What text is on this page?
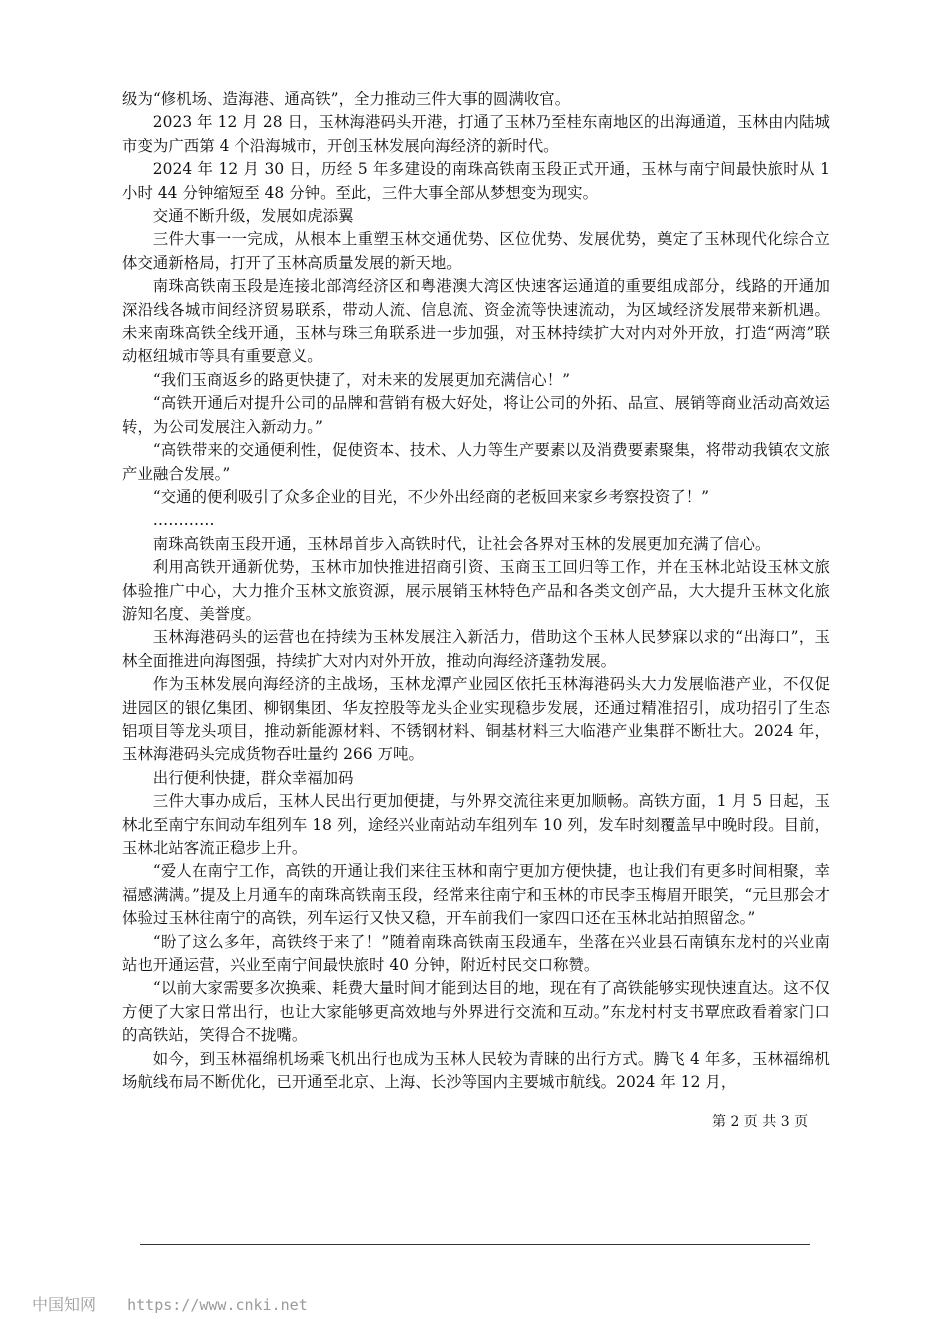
级为“修机场、造海港、通高铁”，全力推动三件大事的圆满收官。

2023 年 12 月 28 日，玉林海港码头开港，打通了玉林乃至桂东南地区的出海通道，玉林由内陆城市变为广西第 4 个沿海城市，开创玉林发展向海经济的新时代。

2024 年 12 月 30 日，历经 5 年多建设的南珠高铁南玉段正式开通，玉林与南宁间最快旅时从 1 小时 44 分钟缩短至 48 分钟。至此，三件大事全部从梦想变为现实。

交通不断升级，发展如虎添翼

三件大事一一完成，从根本上重塑玉林交通优势、区位优势、发展优势，奠定了玉林现代化综合立体交通新格局，打开了玉林高质量发展的新天地。

南珠高铁南玉段是连接北部湾经济区和粤港澳大湾区快速客运通道的重要组成部分，线路的开通加深沿线各城市间经济贸易联系，带动人流、信息流、资金流等快速流动，为区域经济发展带来新机遇。未来南珠高铁全线开通，玉林与珠三角联系进一步加强，对玉林持续扩大对内对外开放，打造“两湾”联动枢纽城市等具有重要意义。

“我们玉商返乡的路更快捷了，对未来的发展更加充满信心！”

“高铁开通后对提升公司的品牌和营销有极大好处，将让公司的外拓、品宣、展销等商业活动高效运转，为公司发展注入新动力。”

“高铁带来的交通便利性，促使资本、技术、人力等生产要素以及消费要素聚集，将带动我镇农文旅产业融合发展。”

“交通的便利吸引了众多企业的目光，不少外出经商的老板回来家乡考察投资了！”

…………

南珠高铁南玉段开通，玉林昂首步入高铁时代，让社会各界对玉林的发展更加充满了信心。

利用高铁开通新优势，玉林市加快推进招商引资、玉商玉工回归等工作，并在玉林北站设玉林文旅体验推广中心，大力推介玉林文旅资源，展示展销玉林特色产品和各类文创产品，大大提升玉林文化旅游知名度、美誉度。

玉林海港码头的运营也在持续为玉林发展注入新活力，借助这个玉林人民梦寐以求的“出海口”，玉林全面推进向海图强，持续扩大对内对外开放，推动向海经济蓬勃发展。

作为玉林发展向海经济的主战场，玉林龙潭产业园区依托玉林海港码头大力发展临港产业，不仅促进园区的银亿集团、柳钢集团、华友控股等龙头企业实现稳步发展，还通过精准招引，成功招引了生态铝项目等龙头项目，推动新能源材料、不锈钢材料、铜基材料三大临港产业集群不断壮大。2024 年，玉林海港码头完成货物吞吐量约 266 万吨。

出行便利快捷，群众幸福加码

三件大事办成后，玉林人民出行更加便捷，与外界交流往来更加顺畅。高铁方面，1 月 5 日起，玉林北至南宁东间动车组列车 18 列，途经兴业南站动车组列车 10 列，发车时刻覆盖早中晚时段。目前，玉林北站客流正稳步上升。

“爱人在南宁工作，高铁的开通让我们来往玉林和南宁更加方便快捷，也让我们有更多时间相聚，幸福感满满。”提及上月通车的南珠高铁南玉段，经常来往南宁和玉林的市民李玉梅眉开眼笑，“元旦那会才体验过玉林往南宁的高铁，列车运行又快又稳，开车前我们一家四口还在玉林北站拍照留念。”

“盼了这么多年，高铁终于来了！”随着南珠高铁南玉段通车，坐落在兴业县石南镇东龙村的兴业南站也开通运营，兴业至南宁间最快旅时 40 分钟，附近村民交口称赞。

“以前大家需要多次换乘、耗费大量时间才能到达目的地，现在有了高铁能够实现快速直达。这不仅方便了大家日常出行，也让大家能够更高效地与外界进行交流和互动。”东龙村村支书覃庶政看着家门口的高铁站，笑得合不拢嘴。

如今，到玉林福绵机场乘飞机出行也成为玉林人民较为青睐的出行方式。腾飞 4 年多，玉林福绵机场航线布局不断优化，已开通至北京、上海、长沙等国内主要城市航线。2024 年 12 月，

第 2 页 共 3 页
中国知网 https://www.cnki.net
